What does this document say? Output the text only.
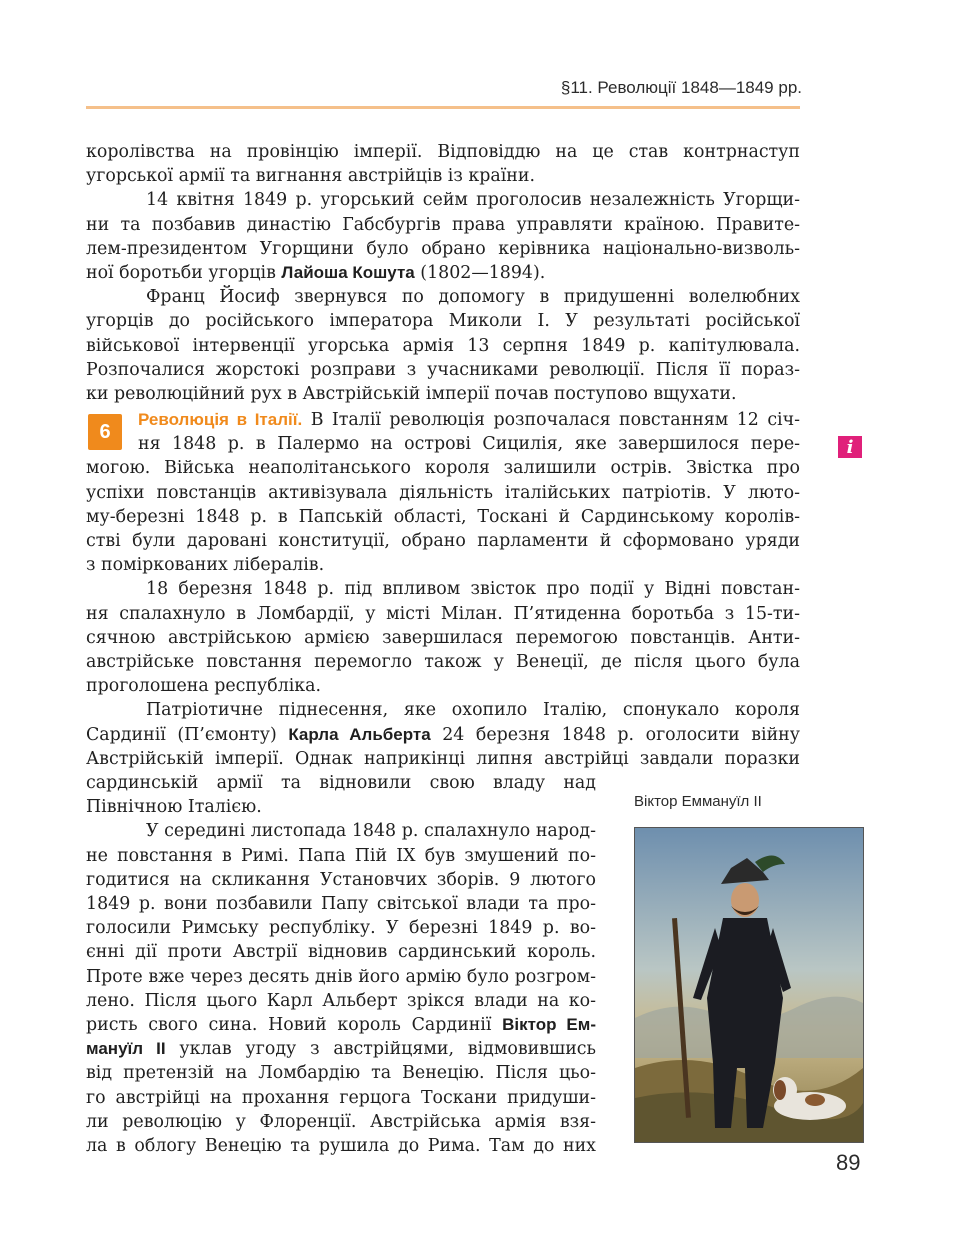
§11. Революції 1848—1849 рр.
королівства на провінцію імперії. Відповіддю на це став контрнаступ
угорської армії та вигнання австрійців із країни.
14 квітня 1849 р. угорський сейм проголосив незалежність Угорщи-
ни та позбавив династію Габсбургів права управляти країною. Правите-
лем-президентом Угорщини було обрано керівника національно-визволь-
ної боротьби угорців Лайоша Кошута (1802—1894).
Франц Йосиф звернувся по допомогу в придушенні волелюбних
угорців до російського імператора Миколи I. У результаті російської
військової інтервенції угорська армія 13 серпня 1849 р. капітулювала.
Розпочалися жорстокі розправи з учасниками революції. Після її пораз-
ки революційний рух в Австрійській імперії почав поступово вщухати.
6
i
Революція в Італії. В Італії революція розпочалася повстанням 12 січ-
ня 1848 р. в Палермо на острові Сицилія, яке завершилося пере-
могою. Війська неаполітанського короля залишили острів. Звістка про
успіхи повстанців активізувала діяльність італійських патріотів. У люто-
му-березні 1848 р. в Папській області, Тоскані й Сардинському королів-
стві були даровані конституції, обрано парламенти й сформовано уряди
з поміркованих лібералів.
18 березня 1848 р. під впливом звісток про події у Відні повстан-
ня спалахнуло в Ломбардії, у місті Мілан. П’ятиденна боротьба з 15-ти-
сячною австрійською армією завершилася перемогою повстанців. Анти-
австрійське повстання перемогло також у Венеції, де після цього була
проголошена республіка.
Патріотичне піднесення, яке охопило Італію, спонукало короля
Сардинії (П’ємонту) Карла Альберта 24 березня 1848 р. оголосити війну
Австрійській імперії. Однак наприкінці липня австрійці завдали поразки
сардинській армії та відновили свою владу над
Північною Італією.
У середині листопада 1848 р. спалахнуло народ-
не повстання в Римі. Папа Пій IX був змушений по-
годитися на скликання Установчих зборів. 9 лютого
1849 р. вони позбавили Папу світської влади та про-
голосили Римську республіку. У березні 1849 р. во-
єнні дії проти Австрії відновив сардинський король.
Проте вже через десять днів його армію було розгром-
лено. Після цього Карл Альберт зрікся влади на ко-
ристь свого сина. Новий король Сардинії Віктор Ем-
мануїл II уклав угоду з австрійцями, відмовившись
від претензій на Ломбардію та Венецію. Після цьо-
го австрійці на прохання герцога Тоскани придуши-
ли революцію у Флоренції. Австрійська армія взя-
ла в облогу Венецію та рушила до Рима. Там до них
Віктор Еммануїл II
89
